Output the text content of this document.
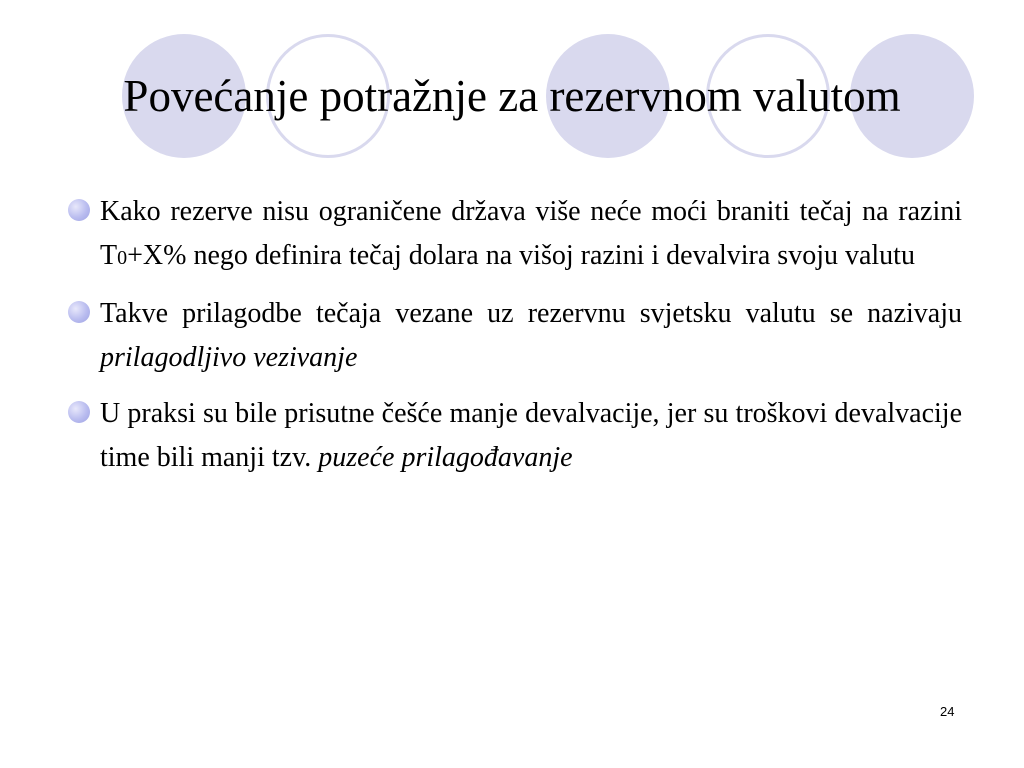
Povećanje potražnje za rezervnom valutom
Kako rezerve nisu ograničene država više neće moći braniti tečaj na razini T0+X% nego definira tečaj dolara na višoj razini i devalvira svoju valutu
Takve prilagodbe tečaja vezane uz rezervnu svjetsku valutu se nazivaju prilagodljivo vezivanje
U praksi su bile prisutne češće manje devalvacije, jer su troškovi devalvacije time bili manji tzv. puzeće prilagođavanje
24
